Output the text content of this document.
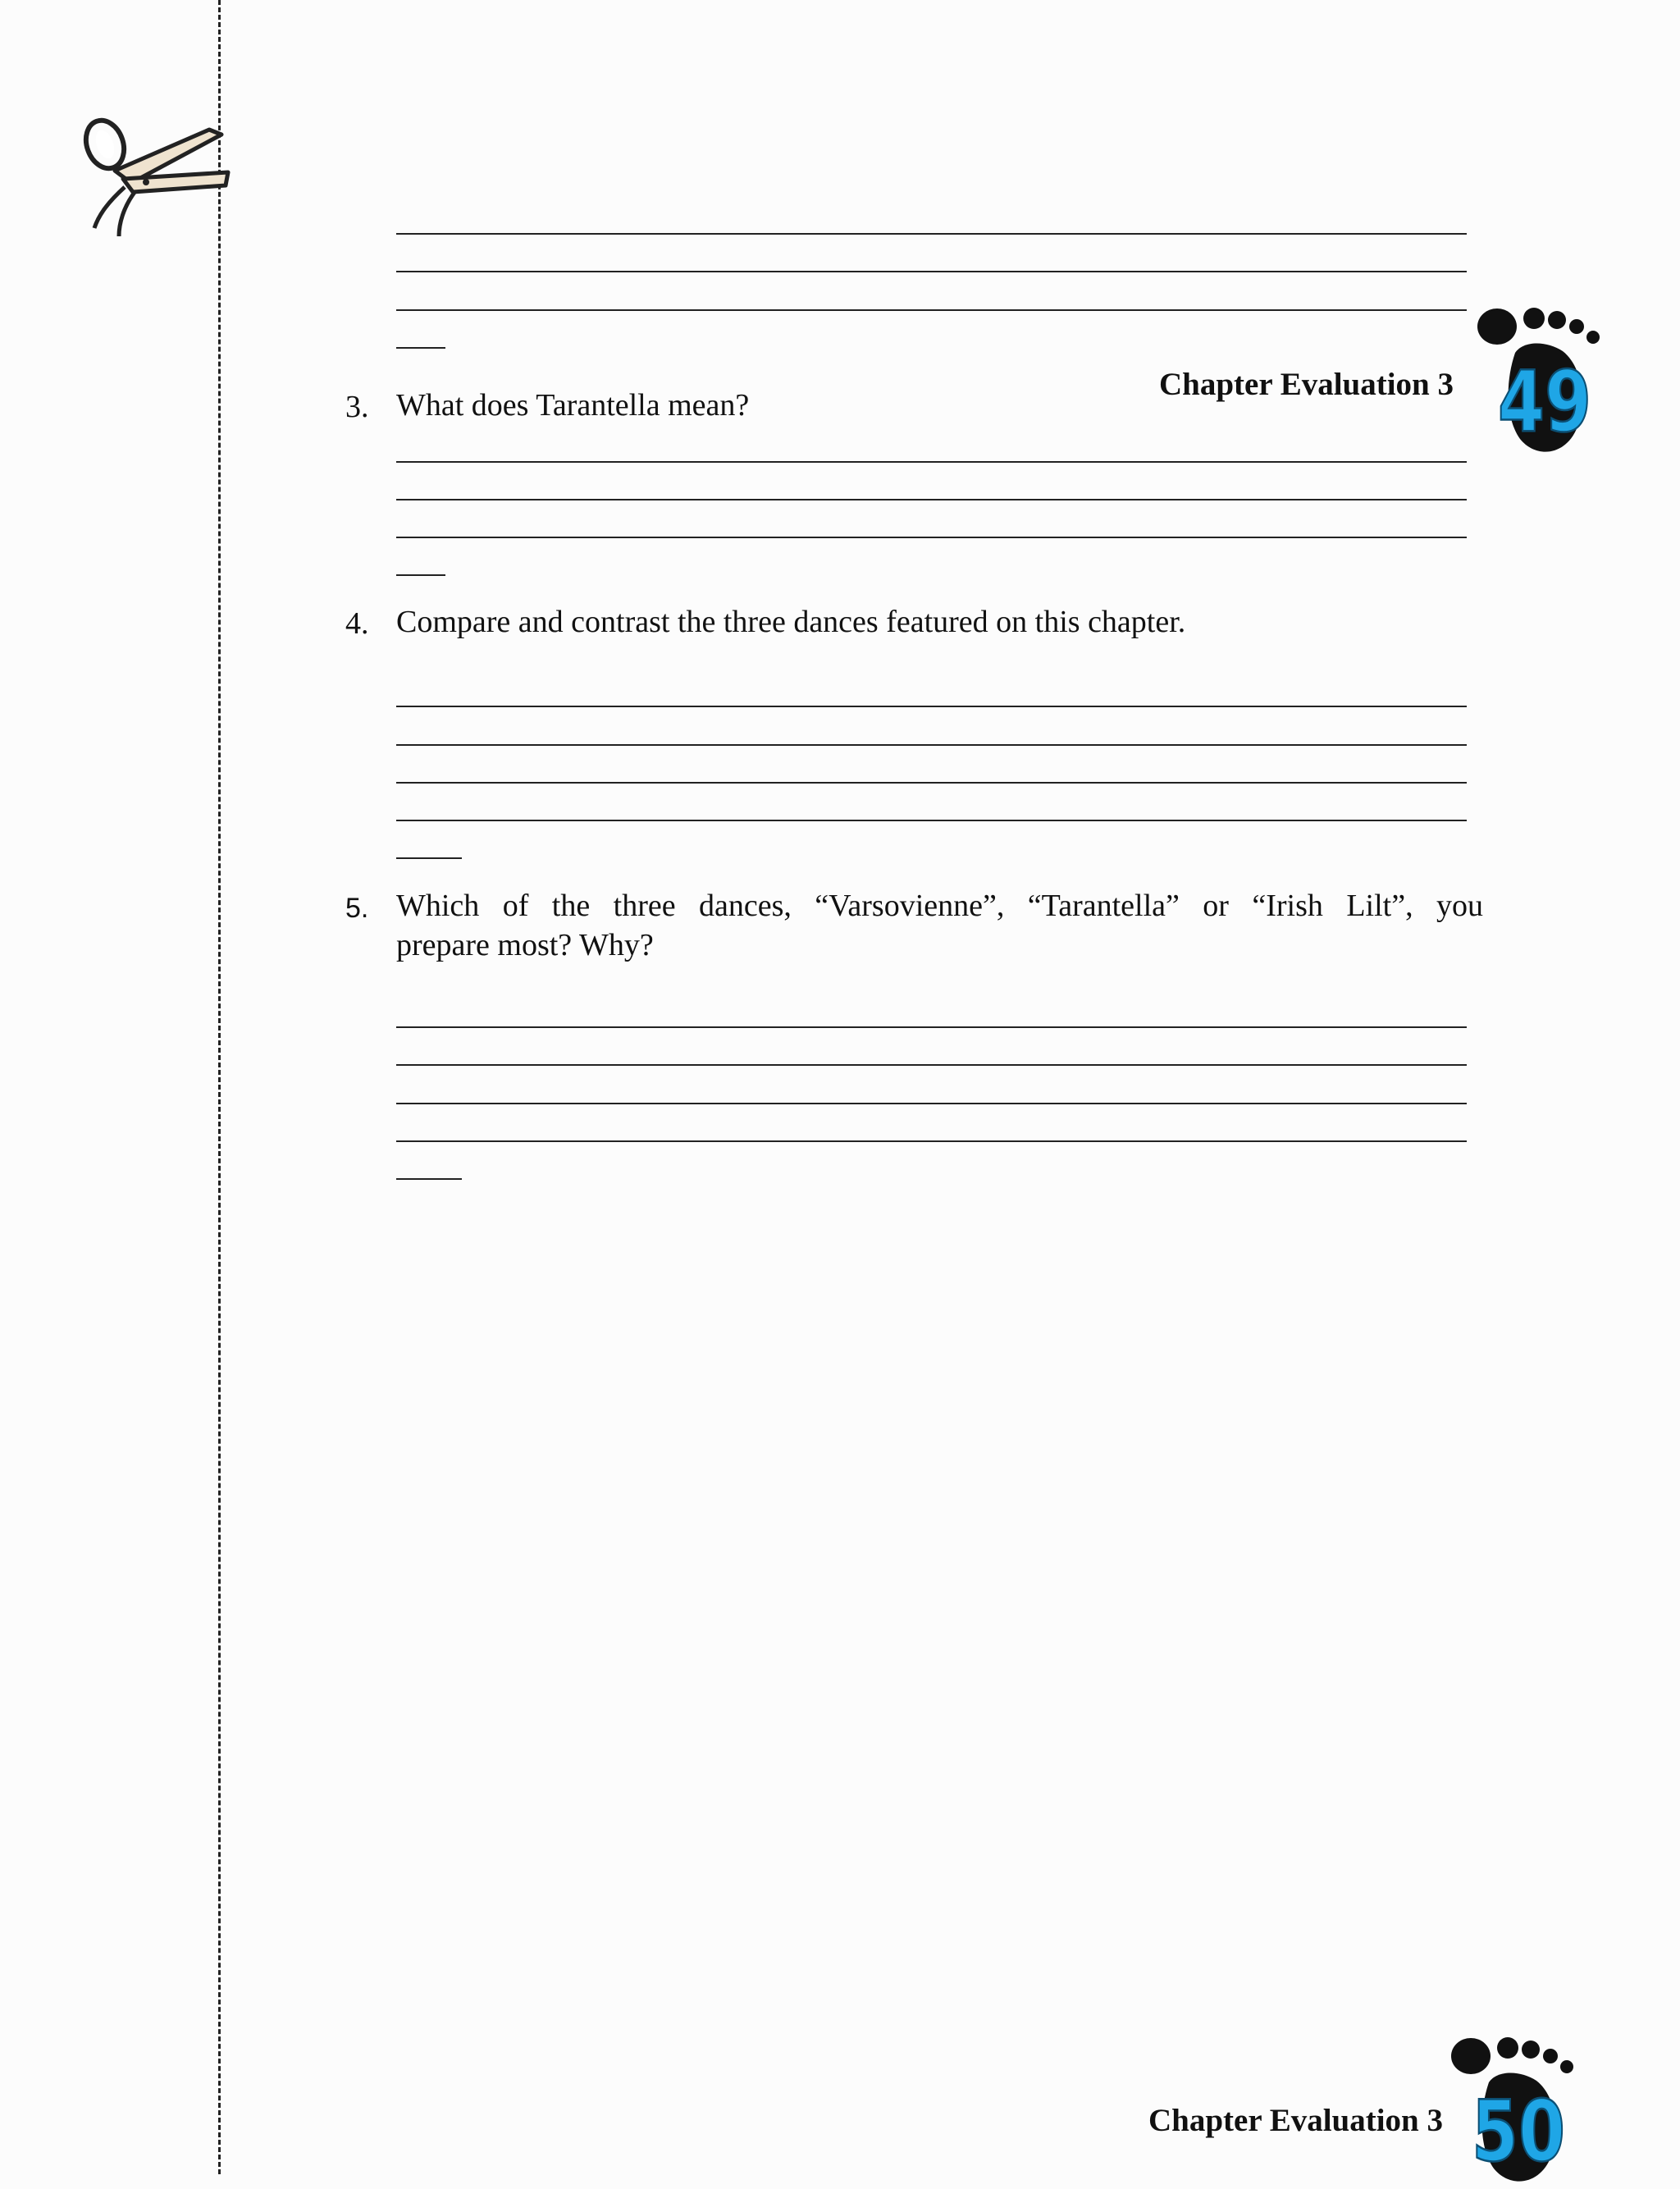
Chapter Evaluation 3 49
3. What does Tarantella mean?
4. Compare and contrast the three dances featured on this chapter.
5. Which of the three dances, “Varsovienne”, “Tarantella” or “Irish Lilt”, you
prepare most? Why?
Chapter Evaluation 3 50
